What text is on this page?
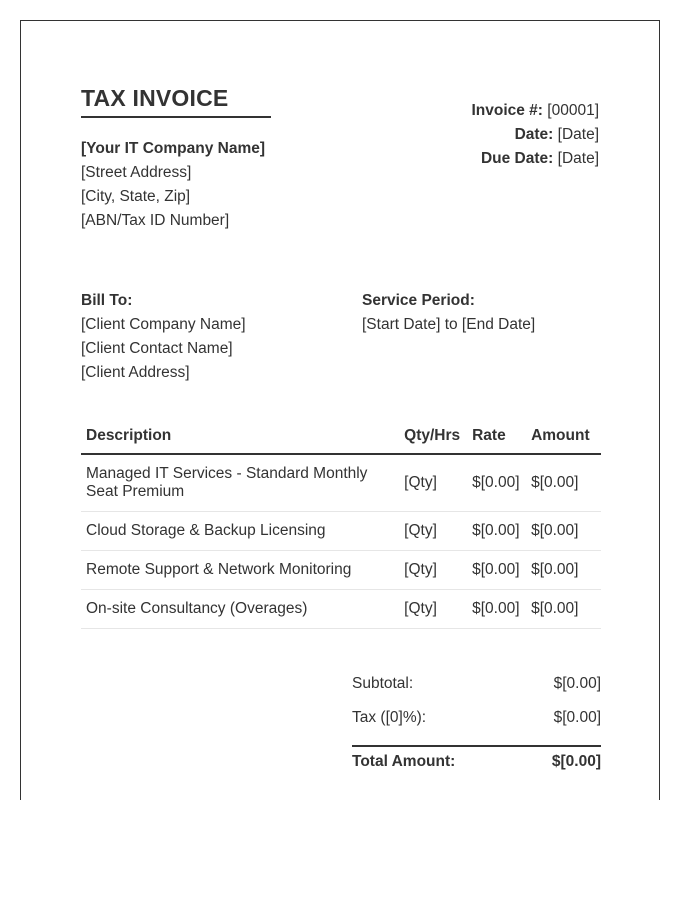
TAX INVOICE
[Your IT Company Name]
[Street Address]
[City, State, Zip]
[ABN/Tax ID Number]
Invoice #: [00001]
Date: [Date]
Due Date: [Date]
Bill To:
[Client Company Name]
[Client Contact Name]
[Client Address]
Service Period:
[Start Date] to [End Date]
Description	Qty/Hrs	Rate	Amount
Managed IT Services - Standard Monthly Seat Premium	[Qty]	$[0.00]	$[0.00]
Cloud Storage & Backup Licensing	[Qty]	$[0.00]	$[0.00]
Remote Support & Network Monitoring	[Qty]	$[0.00]	$[0.00]
On-site Consultancy (Overages)	[Qty]	$[0.00]	$[0.00]
Subtotal:	$[0.00]
Tax ([0]%):	$[0.00]
Total Amount:	$[0.00]
